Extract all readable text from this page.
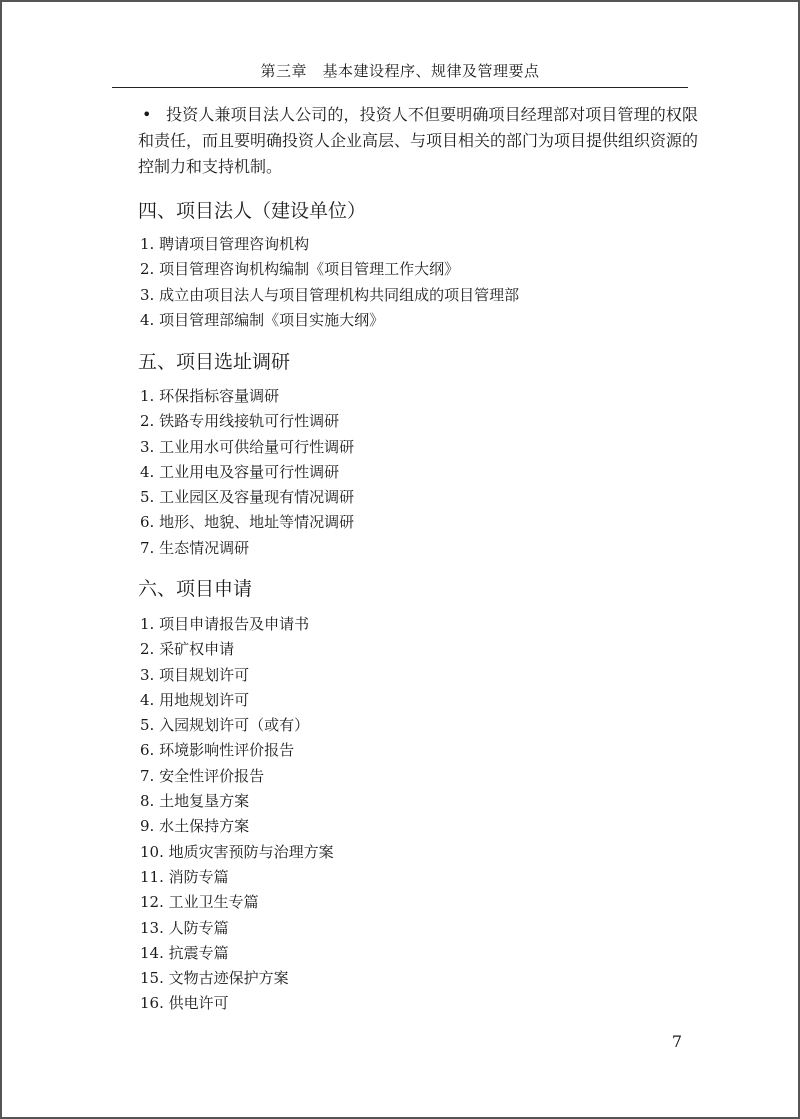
第三章　基本建设程序、规律及管理要点

• 投资人兼项目法人公司的，投资人不但要明确项目经理部对项目管理的权限和责任，而且要明确投资人企业高层、与项目相关的部门为项目提供组织资源的控制力和支持机制。

四、项目法人（建设单位）
1. 聘请项目管理咨询机构
2. 项目管理咨询机构编制《项目管理工作大纲》
3. 成立由项目法人与项目管理机构共同组成的项目管理部
4. 项目管理部编制《项目实施大纲》
五、项目选址调研
1. 环保指标容量调研
2. 铁路专用线接轨可行性调研
3. 工业用水可供给量可行性调研
4. 工业用电及容量可行性调研
5. 工业园区及容量现有情况调研
6. 地形、地貌、地址等情况调研
7. 生态情况调研
六、项目申请
1. 项目申请报告及申请书
2. 采矿权申请
3. 项目规划许可
4. 用地规划许可
5. 入园规划许可（或有）
6. 环境影响性评价报告
7. 安全性评价报告
8. 土地复垦方案
9. 水土保持方案
10. 地质灾害预防与治理方案
11. 消防专篇
12. 工业卫生专篇
13. 人防专篇
14. 抗震专篇
15. 文物古迹保护方案
16. 供电许可
7
